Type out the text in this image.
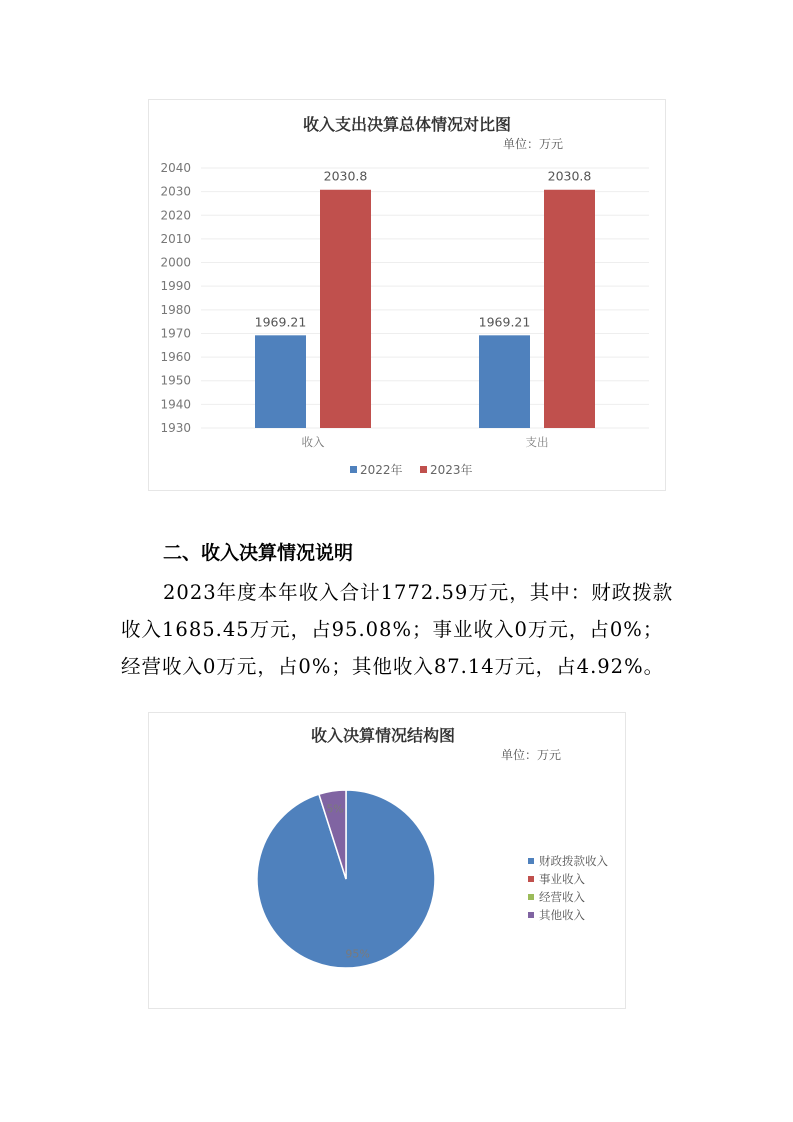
收入支出决算总体情况对比图
单位：万元
1930
1940
1950
1960
1970
1980
1990
2000
2010
2020
2030
2040
1969.21
2030.8
收入
1969.21
2030.8
支出
2022年 2023年
二、收入决算情况说明
2023年度本年收入合计1772.59万元，其中：财政拨款
收入1685.45万元，占95.08%；事业收入0万元，占0%；
经营收入0万元，占0%；其他收入87.14万元，占4.92%。
收入决算情况结构图
单位：万元
95%
5%
财政拨款收入
事业收入
经营收入
其他收入
